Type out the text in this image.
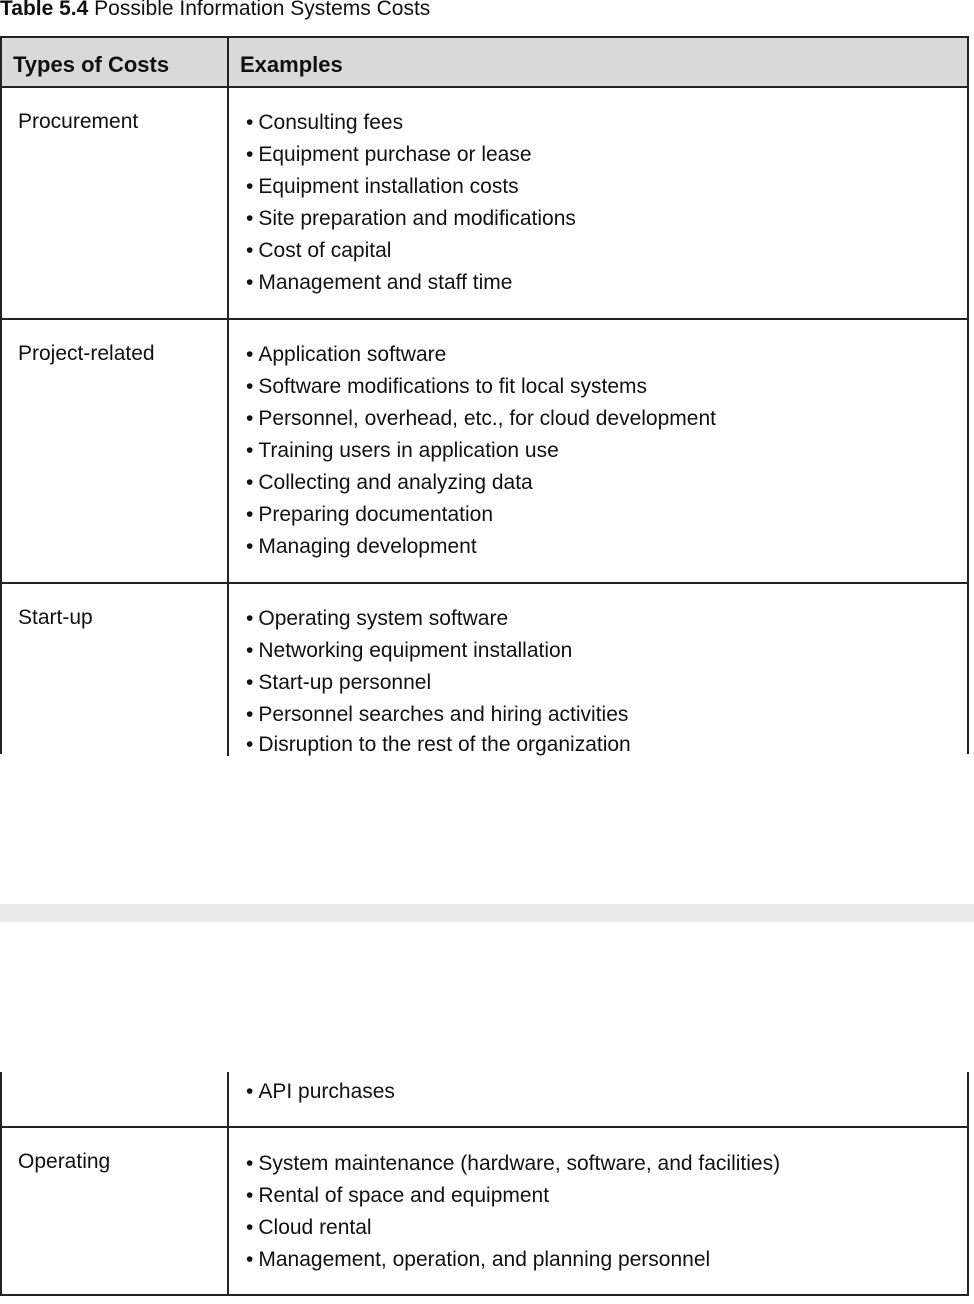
Table 5.4 Possible Information Systems Costs

Types of Costs	Examples
Procurement	• Consulting fees
• Equipment purchase or lease
• Equipment installation costs
• Site preparation and modifications
• Cost of capital
• Management and staff time
Project-related	• Application software
• Software modifications to fit local systems
• Personnel, overhead, etc., for cloud development
• Training users in application use
• Collecting and analyzing data
• Preparing documentation
• Managing development
Start-up	• Operating system software
• Networking equipment installation
• Start-up personnel
• Personnel searches and hiring activities
• Disruption to the rest of the organization
• API purchases
Operating	• System maintenance (hardware, software, and facilities)
• Rental of space and equipment
• Cloud rental
• Management, operation, and planning personnel
